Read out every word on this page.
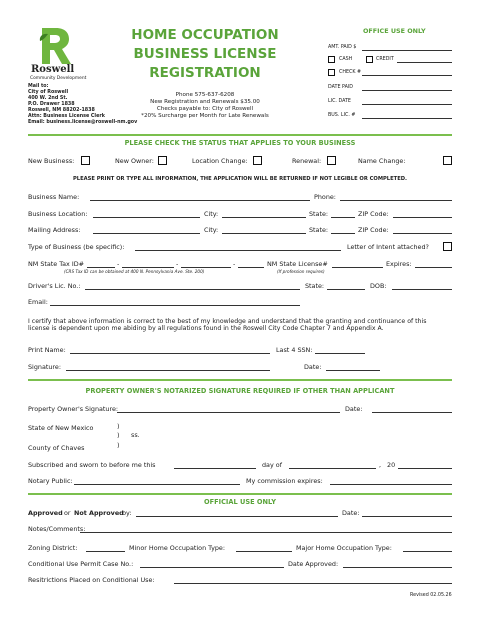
Roswell
Community Development
Mail to:
City of Roswell
400 W. 2nd St.
P.O. Drawer 1838
Roswell, NM 88202-1838
Attn: Business License Clerk
Email: business.license@roswell-nm.gov
HOME OCCUPATION
BUSINESS LICENSE
REGISTRATION
Phone 575-637-6208
New Registration and Renewals $35.00
Checks payable to: City of Roswell
*20% Surcharge per Month for Late Renewals
OFFICE USE ONLY
AMT. PAID $
CASH	CREDIT
CHECK #
DATE PAID
LIC. DATE
BUS. LIC. #
PLEASE CHECK THE STATUS THAT APPLIES TO YOUR BUSINESS
New Business:	New Owner:	Location Change:	Renewal:	Name Change:
PLEASE PRINT OR TYPE ALL INFORMATION, THE APPLICATION WILL BE RETURNED IF NOT LEGIBLE OR COMPLETED.
Business Name:	Phone:
Business Location:	City:	State:	ZIP Code:
Mailing Address:	City:	State:	ZIP Code:
Type of Business (be specific):	Letter of Intent attached?
NM State Tax ID#	-	-	-	NM State License#	Expires:
(CRS Tax ID can be obtained at 400 N. Pennsylvania Ave. Ste. 200)	(If profession requires)
Driver's Lic. No.:	State:	DOB:
Email:
I certify that above information is correct to the best of my knowledge and understand that the granting and continuance of this
license is dependent upon me abiding by all regulations found in the Roswell City Code Chapter 7 and Appendix A.
Print Name:	Last 4 SSN:
Signature:	Date:
PROPERTY OWNER'S NOTARIZED SIGNATURE REQUIRED IF OTHER THAN APPLICANT
Property Owner's Signature:	Date:
State of New Mexico	)
) ss.
County of Chaves	)
Subscribed and sworn to before me this	day of	, 20
Notary Public:	My commission expires:
OFFICIAL USE ONLY
Approved or Not Approved
by:	Date:
Notes/Comments:
Zoning District:	Minor Home Occupation Type:	Major Home Occupation Type:
Conditional Use Permit Case No.:	Date Approved:
Resitrictions Placed on Conditional Use:
Revised 02.05.26
